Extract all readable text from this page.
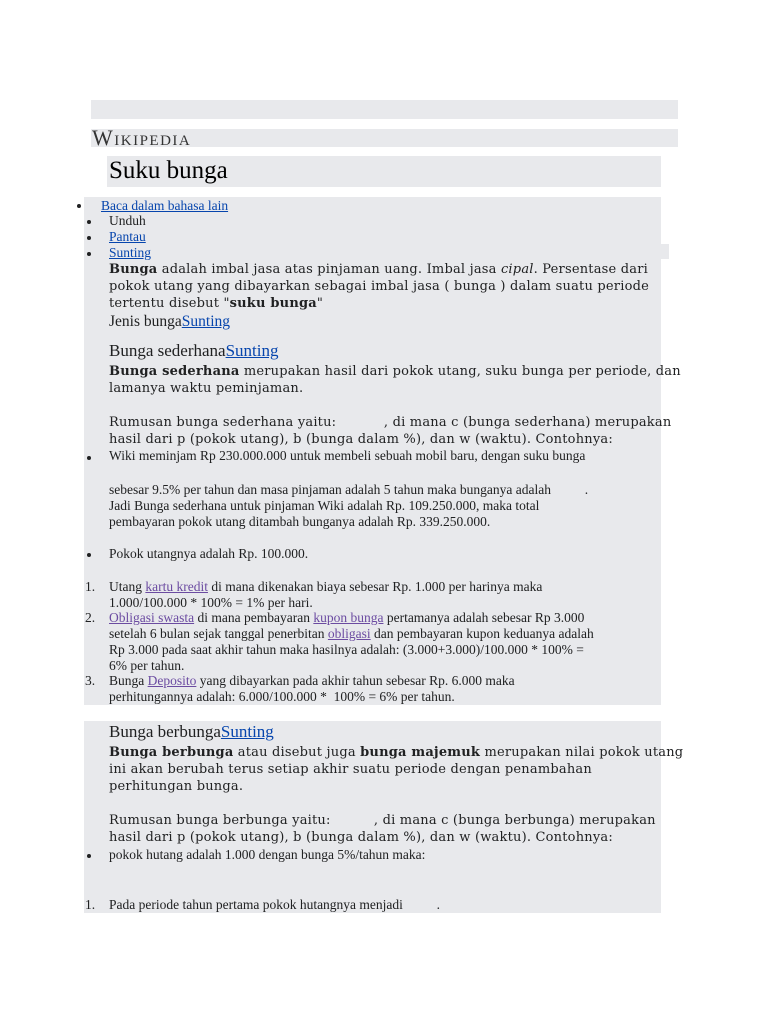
Wikipedia
Suku bunga
Baca dalam bahasa lain
Unduh
Pantau
Sunting
Bunga adalah imbal jasa atas pinjaman uang. Imbal jasa cipal. Persentase dari
pokok utang yang dibayarkan sebagai imbal jasa ( bunga ) dalam suatu periode
tertentu disebut "suku bunga"
Jenis bungaSunting
Bunga sederhanaSunting
Bunga sederhana merupakan hasil dari pokok utang, suku bunga per periode, dan
lamanya waktu peminjaman.
Rumusan bunga sederhana yaitu:           , di mana c (bunga sederhana) merupakan
hasil dari p (pokok utang), b (bunga dalam %), dan w (waktu). Contohnya:
Wiki meminjam Rp 230.000.000 untuk membeli sebuah mobil baru, dengan suku bunga
sebesar 9.5% per tahun dan masa pinjaman adalah 5 tahun maka bunganya adalah          .
Jadi Bunga sederhana untuk pinjaman Wiki adalah Rp. 109.250.000, maka total
pembayaran pokok utang ditambah bunganya adalah Rp. 339.250.000.
Pokok utangnya adalah Rp. 100.000.
1. Utang kartu kredit di mana dikenakan biaya sebesar Rp. 1.000 per harinya maka
1.000/100.000 * 100% = 1% per hari.
2. Obligasi swasta di mana pembayaran kupon bunga pertamanya adalah sebesar Rp 3.000
setelah 6 bulan sejak tanggal penerbitan obligasi dan pembayaran kupon keduanya adalah
Rp 3.000 pada saat akhir tahun maka hasilnya adalah: (3.000+3.000)/100.000 * 100% =
6% per tahun.
3. Bunga Deposito yang dibayarkan pada akhir tahun sebesar Rp. 6.000 maka
perhitungannya adalah: 6.000/100.000 *  100% = 6% per tahun.
Bunga berbungaSunting
Bunga berbunga atau disebut juga bunga majemuk merupakan nilai pokok utang
ini akan berubah terus setiap akhir suatu periode dengan penambahan
perhitungan bunga.
Rumusan bunga berbunga yaitu:          , di mana c (bunga berbunga) merupakan
hasil dari p (pokok utang), b (bunga dalam %), dan w (waktu). Contohnya:
pokok hutang adalah 1.000 dengan bunga 5%/tahun maka:
1. Pada periode tahun pertama pokok hutangnya menjadi          .
